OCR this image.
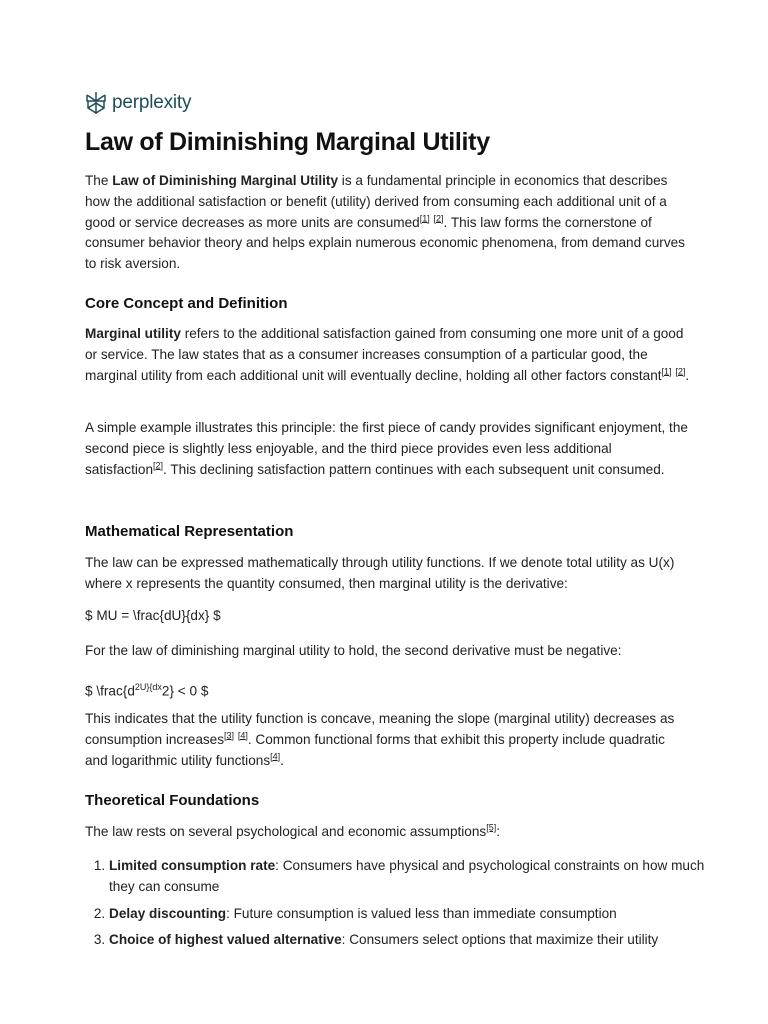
perplexity
Law of Diminishing Marginal Utility

The Law of Diminishing Marginal Utility is a fundamental principle in economics that describes how the additional satisfaction or benefit (utility) derived from consuming each additional unit of a good or service decreases as more units are consumed[1] [2]. This law forms the cornerstone of consumer behavior theory and helps explain numerous economic phenomena, from demand curves to risk aversion.

Core Concept and Definition

Marginal utility refers to the additional satisfaction gained from consuming one more unit of a good or service. The law states that as a consumer increases consumption of a particular good, the marginal utility from each additional unit will eventually decline, holding all other factors constant[1] [2].

A simple example illustrates this principle: the first piece of candy provides significant enjoyment, the second piece is slightly less enjoyable, and the third piece provides even less additional satisfaction[2]. This declining satisfaction pattern continues with each subsequent unit consumed.

Mathematical Representation

The law can be expressed mathematically through utility functions. If we denote total utility as U(x) where x represents the quantity consumed, then marginal utility is the derivative:

$ MU = \frac{dU}{dx} $

For the law of diminishing marginal utility to hold, the second derivative must be negative:

$ $\backslash frac\{d^{2U\}\{dx}2\} < 0$ $

This indicates that the utility function is concave, meaning the slope (marginal utility) decreases as consumption increases[3] [4]. Common functional forms that exhibit this property include quadratic and logarithmic utility functions[4].

Theoretical Foundations

The law rests on several psychological and economic assumptions[5]:

1. Limited consumption rate: Consumers have physical and psychological constraints on how much they can consume
2. Delay discounting: Future consumption is valued less than immediate consumption
3. Choice of highest valued alternative: Consumers select options that maximize their utility
